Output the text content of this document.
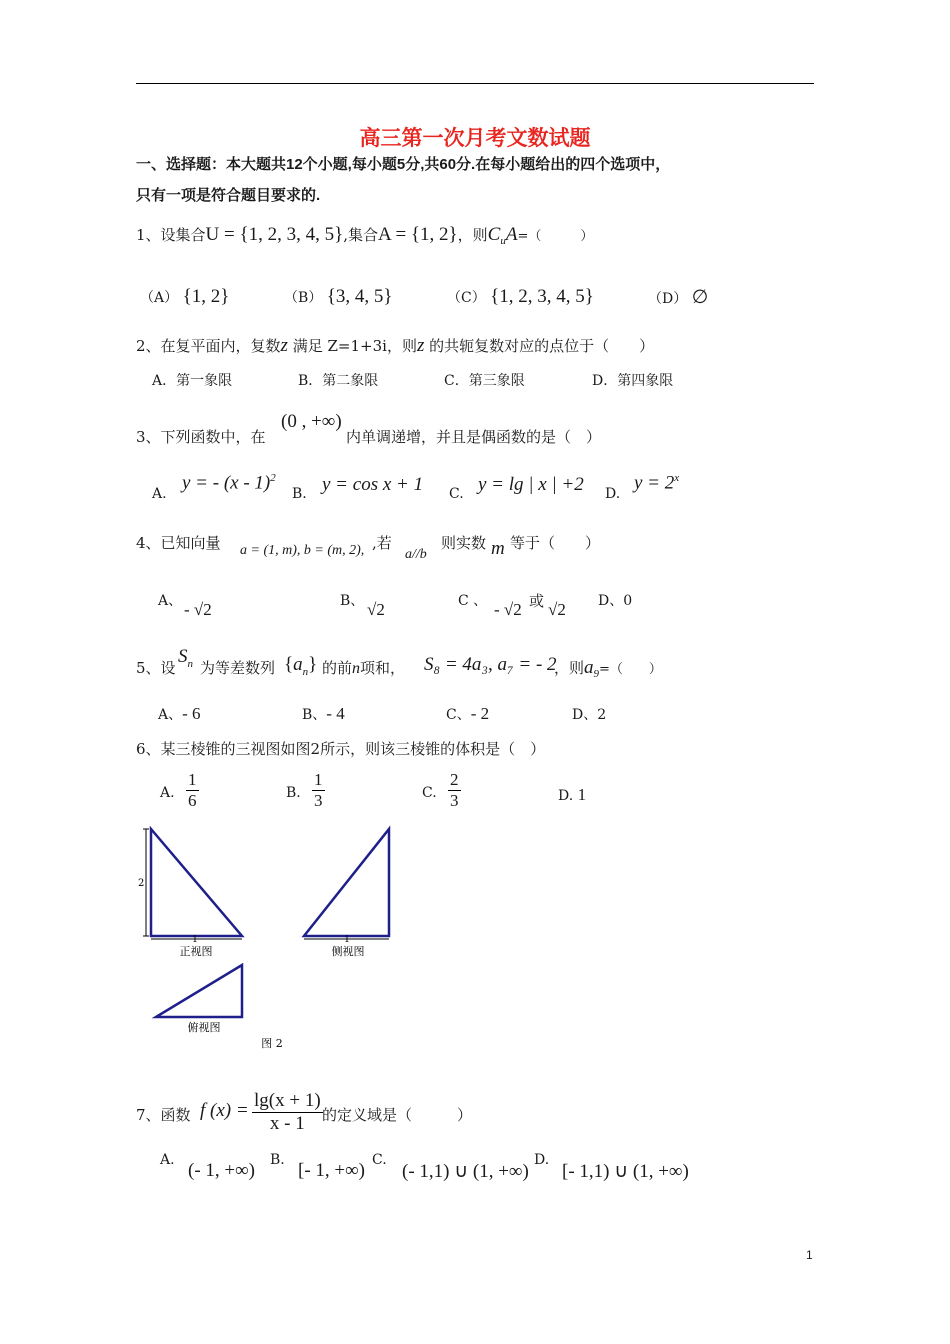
高三第一次月考文数试题
一、选择题：本大题共12个小题,每小题5分,共60分.在每小题给出的四个选项中，
只有一项是符合题目要求的.
1、设集合U = {1, 2, 3, 4, 5},集合A = {1, 2}，则$C_uA=$（　　　）
（A） {1, 2}	（B） {3, 4, 5}	（C） {1, 2, 3, 4, 5}	（D） ∅
2、在复平面内，复数z 满足 Z=1+3i，则z 的共轭复数对应的点位于（　　）
A．第一象限	B．第二象限	C．第三象限	D．第四象限
3、下列函数中，在
(0 , +∞)
内单调递增，并且是偶函数的是（　）
A.
y = - (x - 1)$^2$
B. y = cos x + 1 C. y = lg | x | +2 D.
$y = 2^x$
4、已知向量 a = (1, m), b = (m, 2), ,若
a//b
则实数 m 等于（　　）
A、 - √2	B、 √2	C 、 - √2 或 √2 D、0
5、设
$S_n$ 为等差数列 $\{a_n\}$ 的前n项和， S₈ = 4a₃, a₇ = - 2
，则$a_9=$（　　）
A、- 6	B、- 4	C、- 2	D、2
6、某三棱锥的三视图如图2所示，则该三棱锥的体积是（　）
A. $\frac{1}{6}$	B. $\frac{1}{3}$	C. $\frac{2}{3}$	D. 1
2
1
正视图
1
侧视图
俯视图
图 2
7、函数 f $(x) = \frac{\lg(x + 1)}{x - 1}$ 的定义域是（　　　）
A. (- 1, +∞) B. [- 1, +∞) C.
(- 1,1) ∪ (1, +∞)
D.
[- 1,1) ∪ (1, +∞)
1
